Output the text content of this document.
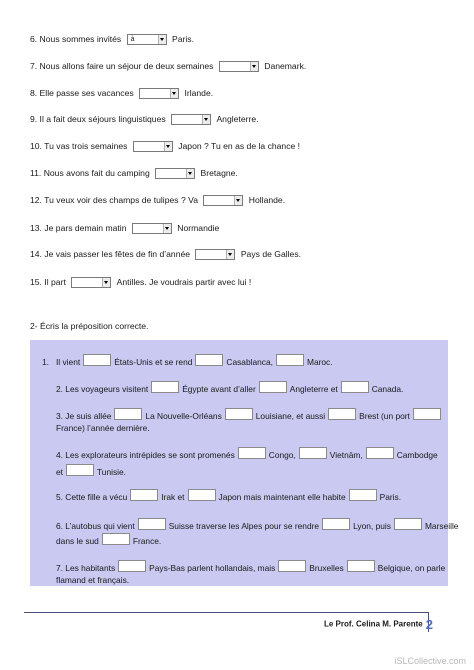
6. Nous sommes invités à	Paris.
7. Nous allons faire un séjour de deux semaines	Danemark.
8. Elle passe ses vacances	Irlande.
9. Il a fait deux séjours linguistiques	Angleterre.
10. Tu vas trois semaines	Japon ? Tu en as de la chance !
11. Nous avons fait du camping	Bretagne.
12. Tu veux voir des champs de tulipes ? Va	Hollande.
13. Je pars demain matin	Normandie
14. Je vais passer les fêtes de fin d’année	Pays de Galles.
15. Il part	Antilles. Je voudrais partir avec lui !
2- Écris la préposition correcte.
1. Il vient	États-Unis et se rend	Casablanca,	Maroc.
2. Les voyageurs visitent	Égypte avant d’aller	Angleterre et	Canada.
3. Je suis allée	La Nouvelle-Orléans	Louisiane, et aussi	Brest (un port
France) l’année dernière.
4. Les explorateurs intrépides se sont promenés	Congo,	Vietnām,	Cambodge
et	Tunisie.
5. Cette fille a vécu	Irak et	Japon mais maintenant elle habite	Paris.
6. L’autobus qui vient	Suisse traverse les Alpes pour se rendre	Lyon, puis	Marseille
dans le sud	France.
7. Les habitants	Pays-Bas parlent hollandais, mais	Bruxelles	Belgique, on parle
flamand et français.
Le Prof. Celina M. Parente 2
iSLCollective.com
